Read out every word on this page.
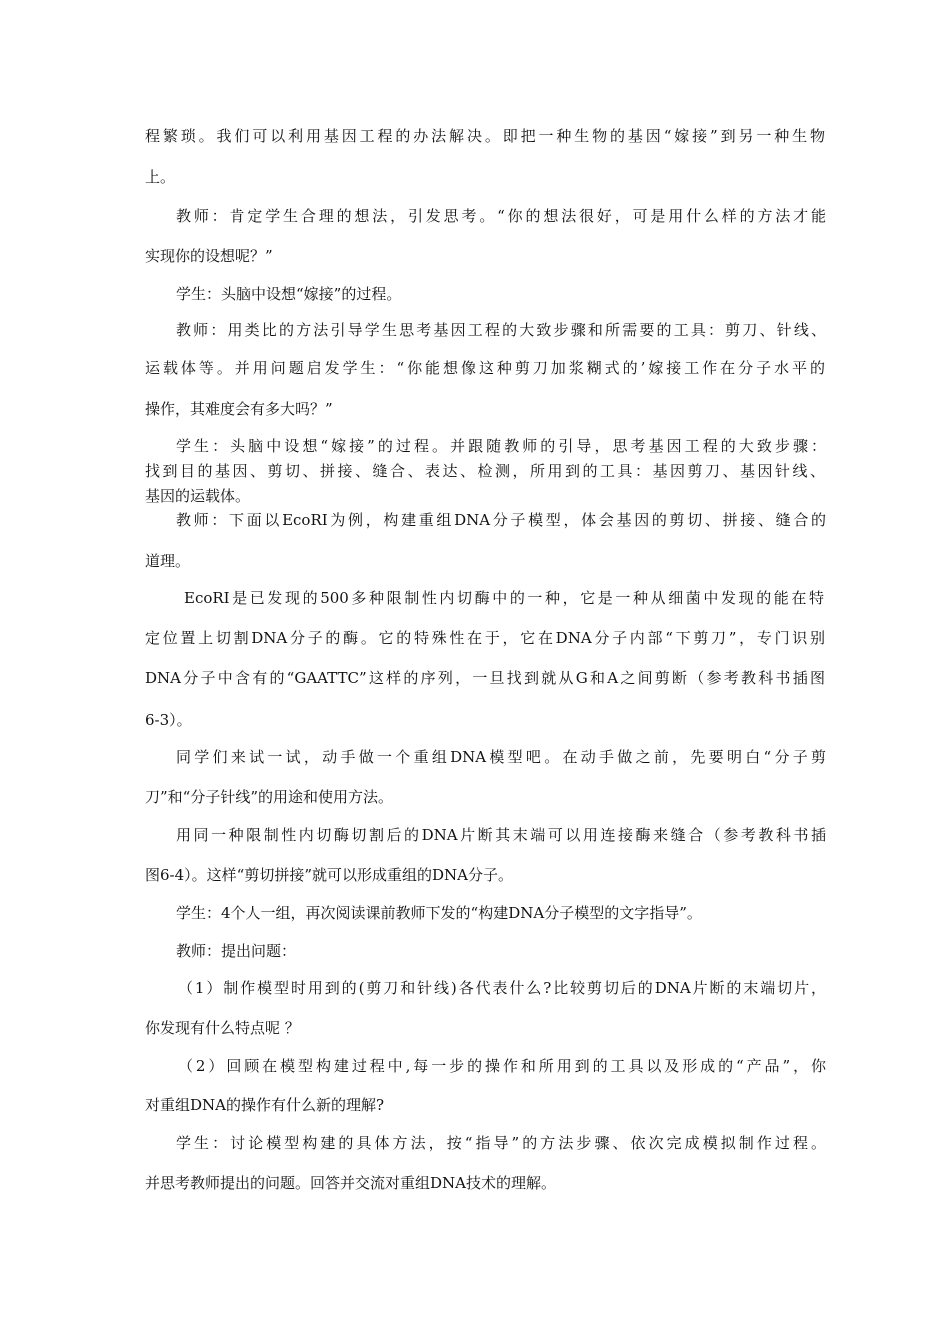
程繁琐。我们可以利用基因工程的办法解决。即把一种生物的基因“嫁接”到另一种生物
上。
教师：肯定学生合理的想法，引发思考。“你的想法很好，可是用什么样的方法才能
实现你的设想呢？”
学生：头脑中设想“嫁接”的过程。
教师：用类比的方法引导学生思考基因工程的大致步骤和所需要的工具：剪刀、针线、
运载体等。并用问题启发学生：“你能想像这种剪刀加浆糊式的’嫁接工作在分子水平的
操作，其难度会有多大吗？”
学生：头脑中设想“嫁接”的过程。并跟随教师的引导，思考基因工程的大致步骤：
找到目的基因、剪切、拼接、缝合、表达、检测，所用到的工具：基因剪刀、基因针线、
基因的运载体。
教师：下面以EcoRI为例，构建重组DNA分子模型，体会基因的剪切、拼接、缝合的
道理。
EcoRI是已发现的500多种限制性内切酶中的一种，它是一种从细菌中发现的能在特
定位置上切割DNA分子的酶。它的特殊性在于，它在DNA分子内部“下剪刀”，专门识别
DNA分子中含有的“GAATTC”这样的序列，一旦找到就从G和A之间剪断（参考教科书插图
6-3）。
同学们来试一试，动手做一个重组DNA模型吧。在动手做之前，先要明白“分子剪
刀”和“分子针线”的用途和使用方法。
用同一种限制性内切酶切割后的DNA片断其末端可以用连接酶来缝合（参考教科书插
图6-4）。这样“剪切拼接”就可以形成重组的DNA分子。
学生：4个人一组，再次阅读课前教师下发的“构建DNA分子模型的文字指导”。
教师：提出问题：
（1）制作模型时用到的(剪刀和针线)各代表什么?比较剪切后的DNA片断的末端切片，
你发现有什么特点呢 ？
（2）回顾在模型构建过程中,每一步的操作和所用到的工具以及形成的“产品”，你
对重组DNA的操作有什么新的理解?
学生：讨论模型构建的具体方法，按“指导”的方法步骤、依次完成模拟制作过程。
并思考教师提出的问题。回答并交流对重组DNA技术的理解。
